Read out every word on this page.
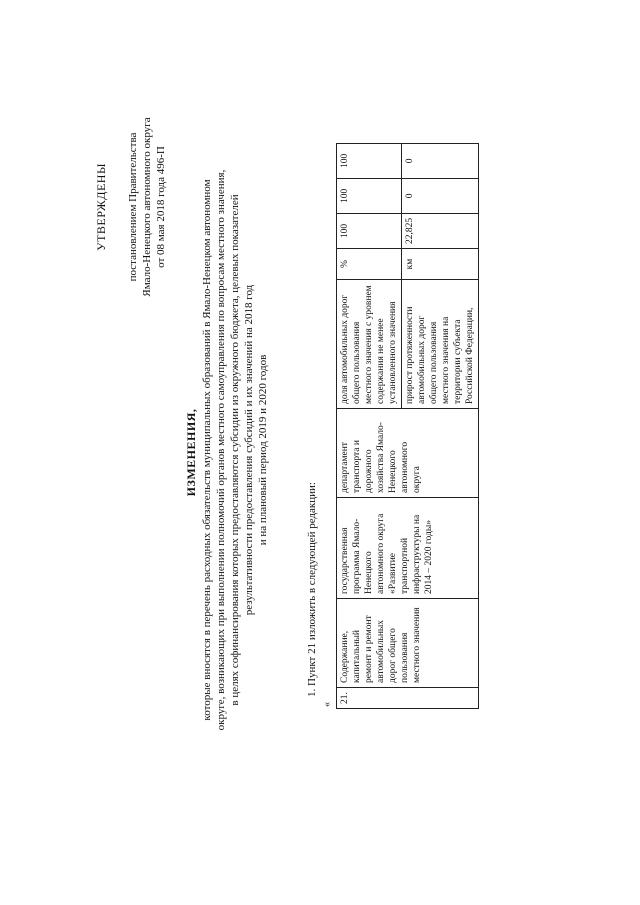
УТВЕРЖДЕНЫ постановлением Правительства Ямало-Ненецкого автономного округа от 08 мая 2018 года 496-П
ИЗМЕНЕНИЯ, которые вносятся в перечень расходных обязательств муниципальных образований в Ямало-Ненецком автономном округе, возникающих при выполнении полномочий органов местного самоуправления по вопросам местного значения, в целях софинансирования которых предоставляются субсидии из окружного бюджета, целевых показателей результативности предоставления субсидий и их значений на 2018 год и на плановый период 2019 и 2020 годов
1. Пункт 21 изложить в следующей редакции:
«
21.	Содержание, капитальный ремонт и ремонт автомобильных дорог общего пользования местного значения	государственная программа Ямало-Ненецкого автономного округа «Развитие транспортной инфраструктуры на 2014 – 2020 годы»	департамент транспорта и дорожного хозяйства Ямало-Ненецкого автономного округа	доля автомобильных дорог общего пользования местного значения с уровнем содержания не менее установленного значения	%	100	100	100
				прирост протяженности автомобильных дорог общего пользования местного значения на территории субъекта Российской Федерации,	км	22,825	0	0
